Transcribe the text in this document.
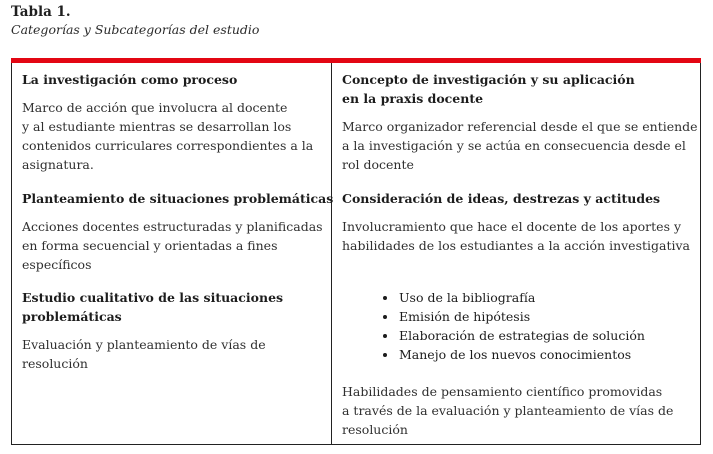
Tabla 1.
Categorías y Subcategorías del estudio
La investigación como proceso
Marco de acción que involucra al docente
y al estudiante mientras se desarrollan los
contenidos curriculares correspondientes a la
asignatura.
Planteamiento de situaciones problemáticas
Acciones docentes estructuradas y planificadas
en forma secuencial y orientadas a fines
específicos
Estudio cualitativo de las situaciones
problemáticas
Evaluación y planteamiento de vías de
resolución
Concepto de investigación y su aplicación
en la praxis docente
Marco organizador referencial desde el que se entiende
a la investigación y se actúa en consecuencia desde el
rol docente
Consideración de ideas, destrezas y actitudes
Involucramiento que hace el docente de los aportes y
habilidades de los estudiantes a la acción investigativa
• Uso de la bibliografía
• Emisión de hipótesis
• Elaboración de estrategias de solución
• Manejo de los nuevos conocimientos
Habilidades de pensamiento científico promovidas
a través de la evaluación y planteamiento de vías de
resolución
